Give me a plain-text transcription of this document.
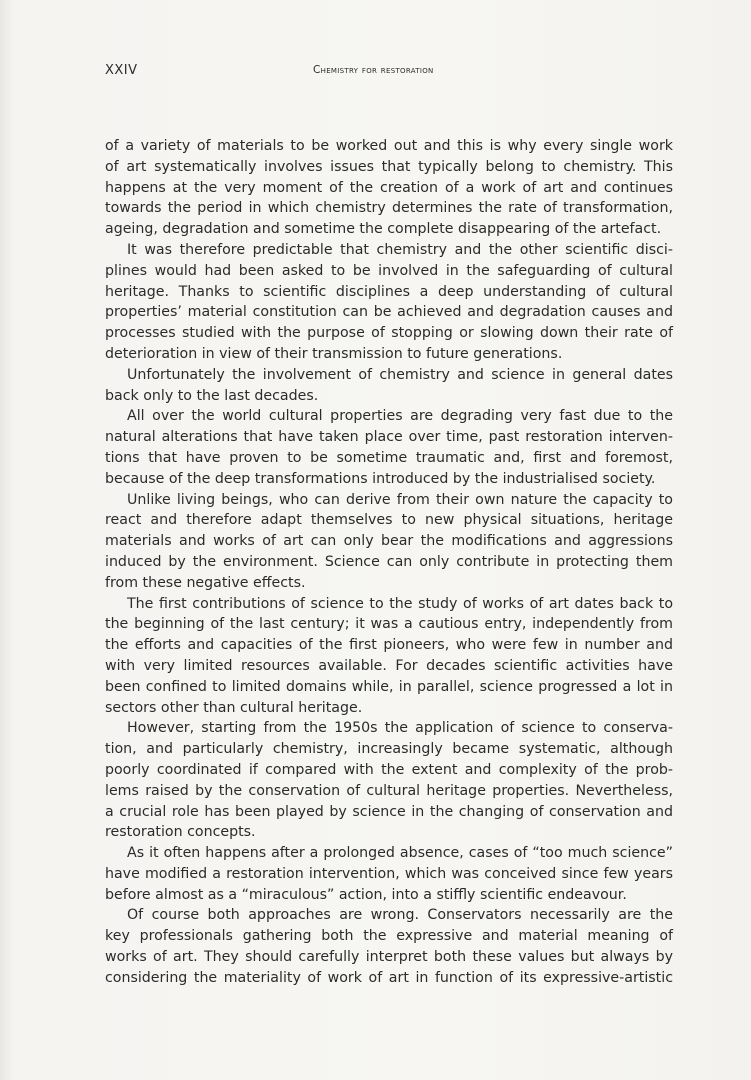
XXIV	Chemistry for restoration
of a variety of materials to be worked out and this is why every single work
of art systematically involves issues that typically belong to chemistry. This
happens at the very moment of the creation of a work of art and continues
towards the period in which chemistry determines the rate of transformation,
ageing, degradation and sometime the complete disappearing of the artefact.
It was therefore predictable that chemistry and the other scientific disci-
plines would had been asked to be involved in the safeguarding of cultural
heritage. Thanks to scientific disciplines a deep understanding of cultural
properties’ material constitution can be achieved and degradation causes and
processes studied with the purpose of stopping or slowing down their rate of
deterioration in view of their transmission to future generations.
Unfortunately the involvement of chemistry and science in general dates
back only to the last decades.
All over the world cultural properties are degrading very fast due to the
natural alterations that have taken place over time, past restoration interven-
tions that have proven to be sometime traumatic and, first and foremost,
because of the deep transformations introduced by the industrialised society.
Unlike living beings, who can derive from their own nature the capacity to
react and therefore adapt themselves to new physical situations, heritage
materials and works of art can only bear the modifications and aggressions
induced by the environment. Science can only contribute in protecting them
from these negative effects.
The first contributions of science to the study of works of art dates back to
the beginning of the last century; it was a cautious entry, independently from
the efforts and capacities of the first pioneers, who were few in number and
with very limited resources available. For decades scientific activities have
been confined to limited domains while, in parallel, science progressed a lot in
sectors other than cultural heritage.
However, starting from the 1950s the application of science to conserva-
tion, and particularly chemistry, increasingly became systematic, although
poorly coordinated if compared with the extent and complexity of the prob-
lems raised by the conservation of cultural heritage properties. Nevertheless,
a crucial role has been played by science in the changing of conservation and
restoration concepts.
As it often happens after a prolonged absence, cases of “too much science”
have modified a restoration intervention, which was conceived since few years
before almost as a “miraculous” action, into a stiffly scientific endeavour.
Of course both approaches are wrong. Conservators necessarily are the
key professionals gathering both the expressive and material meaning of
works of art. They should carefully interpret both these values but always by
considering the materiality of work of art in function of its expressive-artistic
